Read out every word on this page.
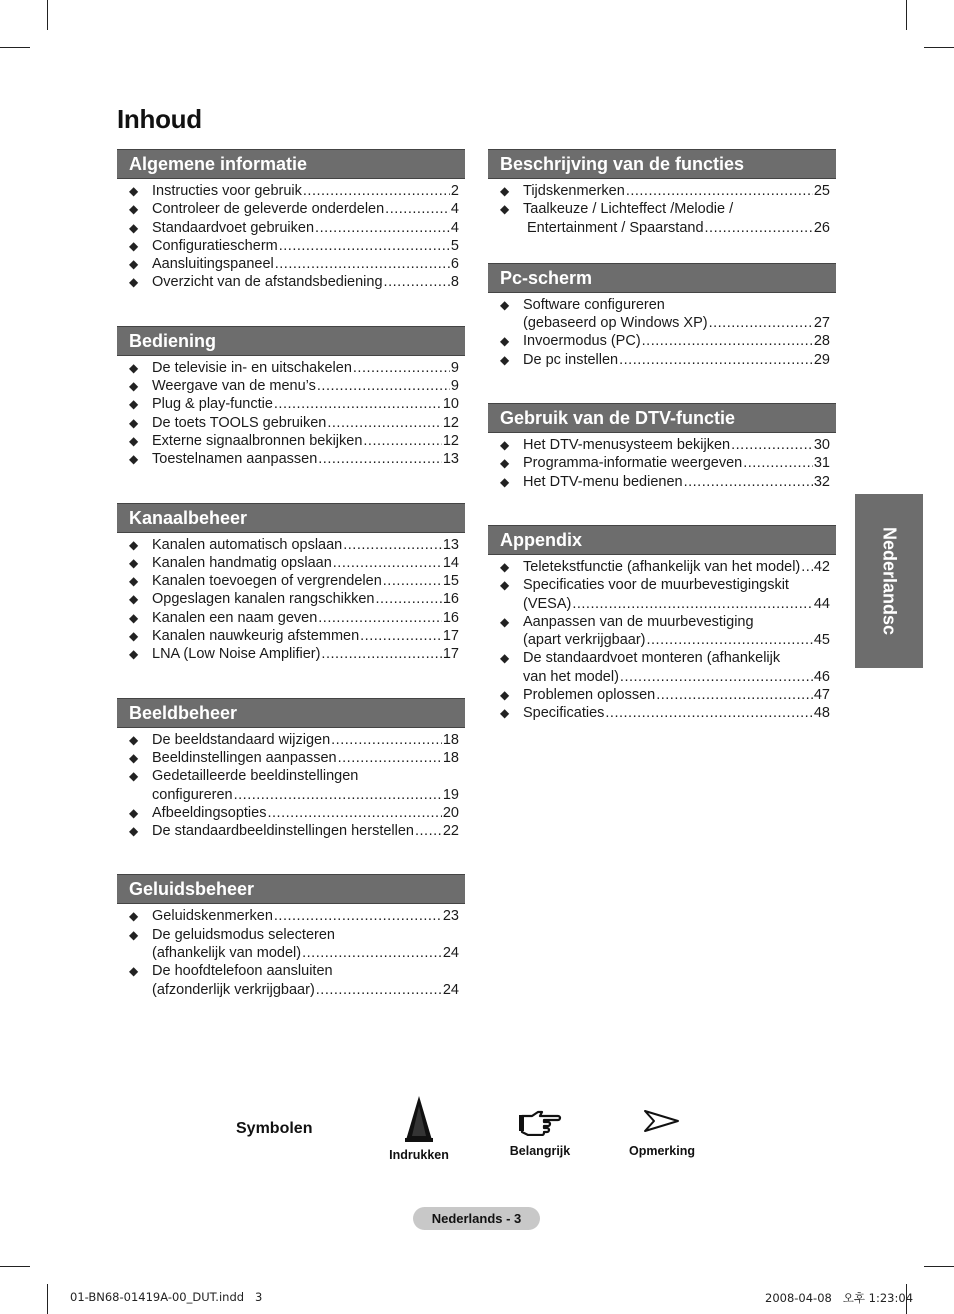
Inhoud
Algemene informatie
◆ Instructies voor gebruik .....	2
◆ Controleer de geleverde onderdelen .....	4
◆ Standaardvoet gebruiken .....	4
◆ Configuratiescherm .....	5
◆ Aansluitingspaneel .....	6
◆ Overzicht van de afstandsbediening .....	8
Bediening
◆ De televisie in- en uitschakelen .....	9
◆ Weergave van de menu’s .....	9
◆ Plug & play-functie .....	10
◆ De toets TOOLS gebruiken .....	12
◆ Externe signaalbronnen bekijken .....	12
◆ Toestelnamen aanpassen .....	13
Kanaalbeheer
◆ Kanalen automatisch opslaan .....	13
◆ Kanalen handmatig opslaan .....	14
◆ Kanalen toevoegen of vergrendelen .....	15
◆ Opgeslagen kanalen rangschikken .....	16
◆ Kanalen een naam geven .....	16
◆ Kanalen nauwkeurig afstemmen .....	17
◆ LNA (Low Noise Amplifier) .....	17
Beeldbeheer
◆ De beeldstandaard wijzigen .....	18
◆ Beeldinstellingen aanpassen .....	18
◆ Gedetailleerde beeldinstellingen
configureren .....	19
◆ Afbeeldingsopties .....	20
◆ De standaardbeeldinstellingen herstellen ..... 22
Geluidsbeheer
◆ Geluidskenmerken .....	23
◆ De geluidsmodus selecteren
(afhankelijk van model) .....	24
◆ De hoofdtelefoon aansluiten
(afzonderlijk verkrijgbaar) .....	24
Beschrijving van de functies
◆ Tijdskenmerken .....	25
◆ Taalkeuze / Lichteffect /Melodie /
Entertainment / Spaarstand .....	26
Pc-scherm
◆ Software configureren
(gebaseerd op Windows XP) .....	27
◆ Invoermodus (PC) .....	28
◆ De pc instellen .....	29
Gebruik van de DTV-functie
◆ Het DTV-menusysteem bekijken .....	30
◆ Programma-informatie weergeven .....	31
◆ Het DTV-menu bedienen .....	32
Appendix
◆ Teletekstfunctie (afhankelijk van het model) ..... 42
◆ Specificaties voor de muurbevestigingskit
(VESA) .....	44
◆ Aanpassen van de muurbevestiging
(apart verkrijgbaar) .....	45
◆ De standaardvoet monteren (afhankelijk
van het model) .....	46
◆ Problemen oplossen .....	47
◆ Specificaties .....	48
Nederlandsc
Symbolen
Indrukken	Belangrijk	Opmerking
Nederlands - 3
01-BN68-01419A-00_DUT.indd   3	2008-04-08   오후 1:23:04
